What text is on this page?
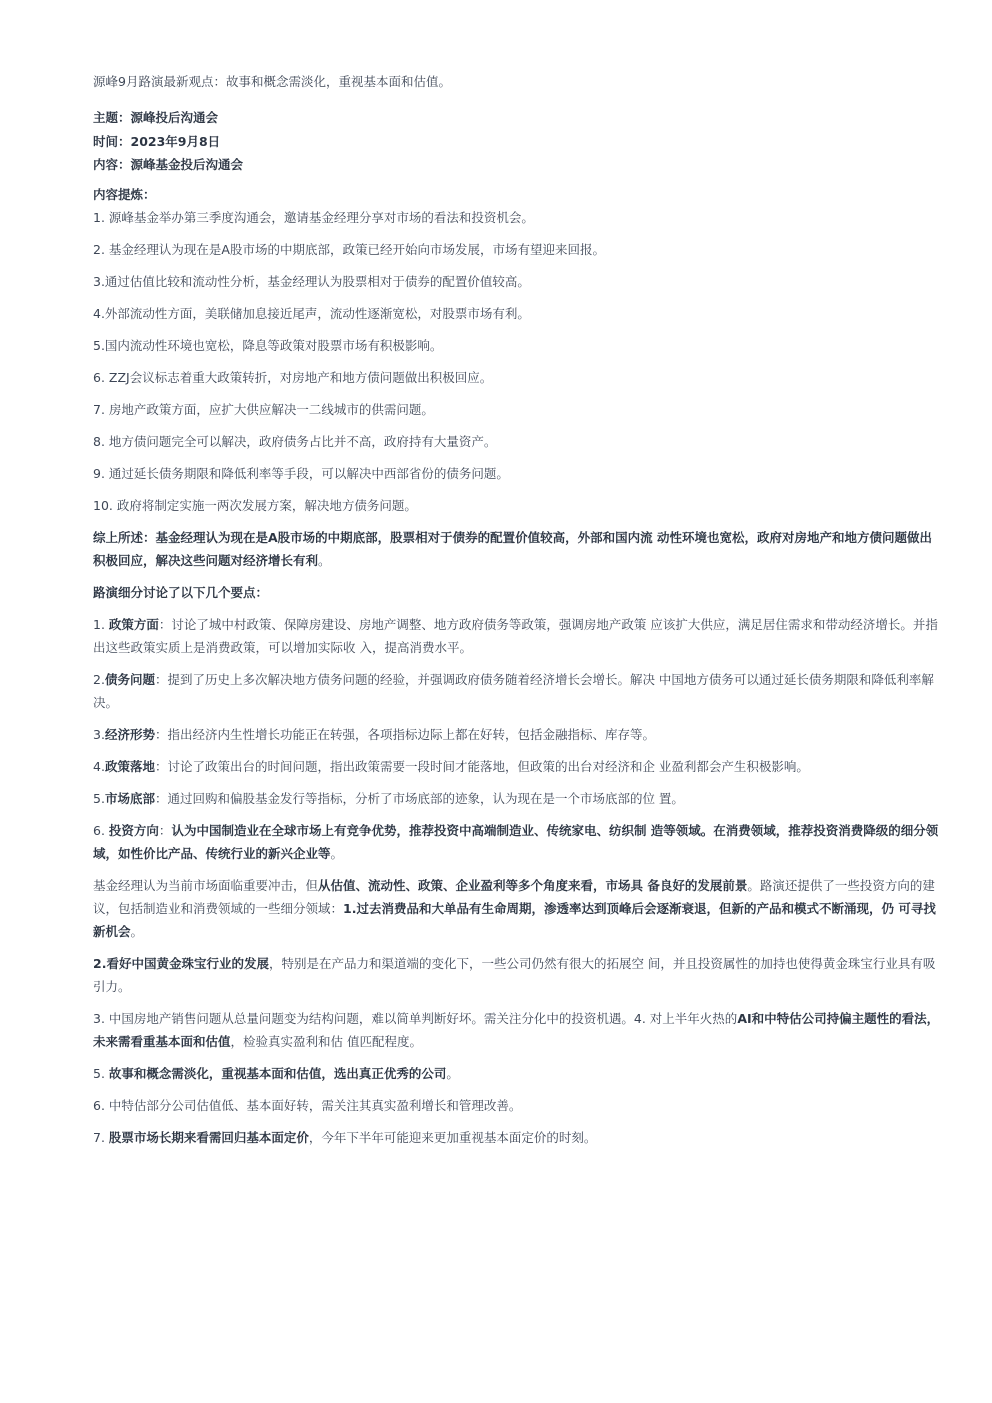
源峰9月路演最新观点：故事和概念需淡化，重视基本面和估值。

主题：源峰投后沟通会
时间：2023年9月8日
内容：源峰基金投后沟通会
内容提炼：

1. 源峰基金举办第三季度沟通会，邀请基金经理分享对市场的看法和投资机会。

2. 基金经理认为现在是A股市场的中期底部，政策已经开始向市场发展，市场有望迎来回报。

3.通过估值比较和流动性分析，基金经理认为股票相对于债券的配置价值较高。

4.外部流动性方面，美联储加息接近尾声，流动性逐渐宽松，对股票市场有利。

5.国内流动性环境也宽松，降息等政策对股票市场有积极影响。

6. ZZJ会议标志着重大政策转折，对房地产和地方债问题做出积极回应。

7. 房地产政策方面，应扩大供应解决一二线城市的供需问题。

8. 地方债问题完全可以解决，政府债务占比并不高，政府持有大量资产。

9. 通过延长债务期限和降低利率等手段，可以解决中西部省份的债务问题。

10. 政府将制定实施一两次发展方案，解决地方债务问题。

综上所述：基金经理认为现在是A股市场的中期底部，股票相对于债券的配置价值较高，外部和国内流 动性环境也宽松，政府对房地产和地方债问题做出积极回应，解决这些问题对经济增长有利。

路演细分讨论了以下几个要点：

1. 政策方面：讨论了城中村政策、保障房建设、房地产调整、地方政府债务等政策，强调房地产政策 应该扩大供应，满足居住需求和带动经济增长。并指出这些政策实质上是消费政策，可以增加实际收 入，提高消费水平。

2.债务问题：提到了历史上多次解决地方债务问题的经验，并强调政府债务随着经济增长会增长。解决 中国地方债务可以通过延长债务期限和降低利率解决。

3.经济形势：指出经济内生性增长功能正在转强，各项指标边际上都在好转，包括金融指标、库存等。

4.政策落地：讨论了政策出台的时间问题，指出政策需要一段时间才能落地，但政策的出台对经济和企 业盈利都会产生积极影响。

5.市场底部：通过回购和偏股基金发行等指标，分析了市场底部的迹象，认为现在是一个市场底部的位 置。

6. 投资方向：认为中国制造业在全球市场上有竞争优势，推荐投资中高端制造业、传统家电、纺织制 造等领域。在消费领域，推荐投资消费降级的细分领域，如性价比产品、传统行业的新兴企业等。

基金经理认为当前市场面临重要冲击，但从估值、流动性、政策、企业盈利等多个角度来看，市场具 备良好的发展前景。路演还提供了一些投资方向的建议，包括制造业和消费领域的一些细分领域：1.过去消费品和大单品有生命周期，渗透率达到顶峰后会逐渐衰退，但新的产品和模式不断涌现，仍 可寻找新机会。

2.看好中国黄金珠宝行业的发展，特别是在产品力和渠道端的变化下，一些公司仍然有很大的拓展空 间，并且投资属性的加持也使得黄金珠宝行业具有吸引力。

3. 中国房地产销售问题从总量问题变为结构问题，难以简单判断好坏。需关注分化中的投资机遇。4. 对上半年火热的AI和中特估公司持偏主题性的看法，未来需看重基本面和估值，检验真实盈利和估 值匹配程度。

5. 故事和概念需淡化，重视基本面和估值，选出真正优秀的公司。

6. 中特估部分公司估值低、基本面好转，需关注其真实盈利增长和管理改善。

7. 股票市场长期来看需回归基本面定价，今年下半年可能迎来更加重视基本面定价的时刻。
